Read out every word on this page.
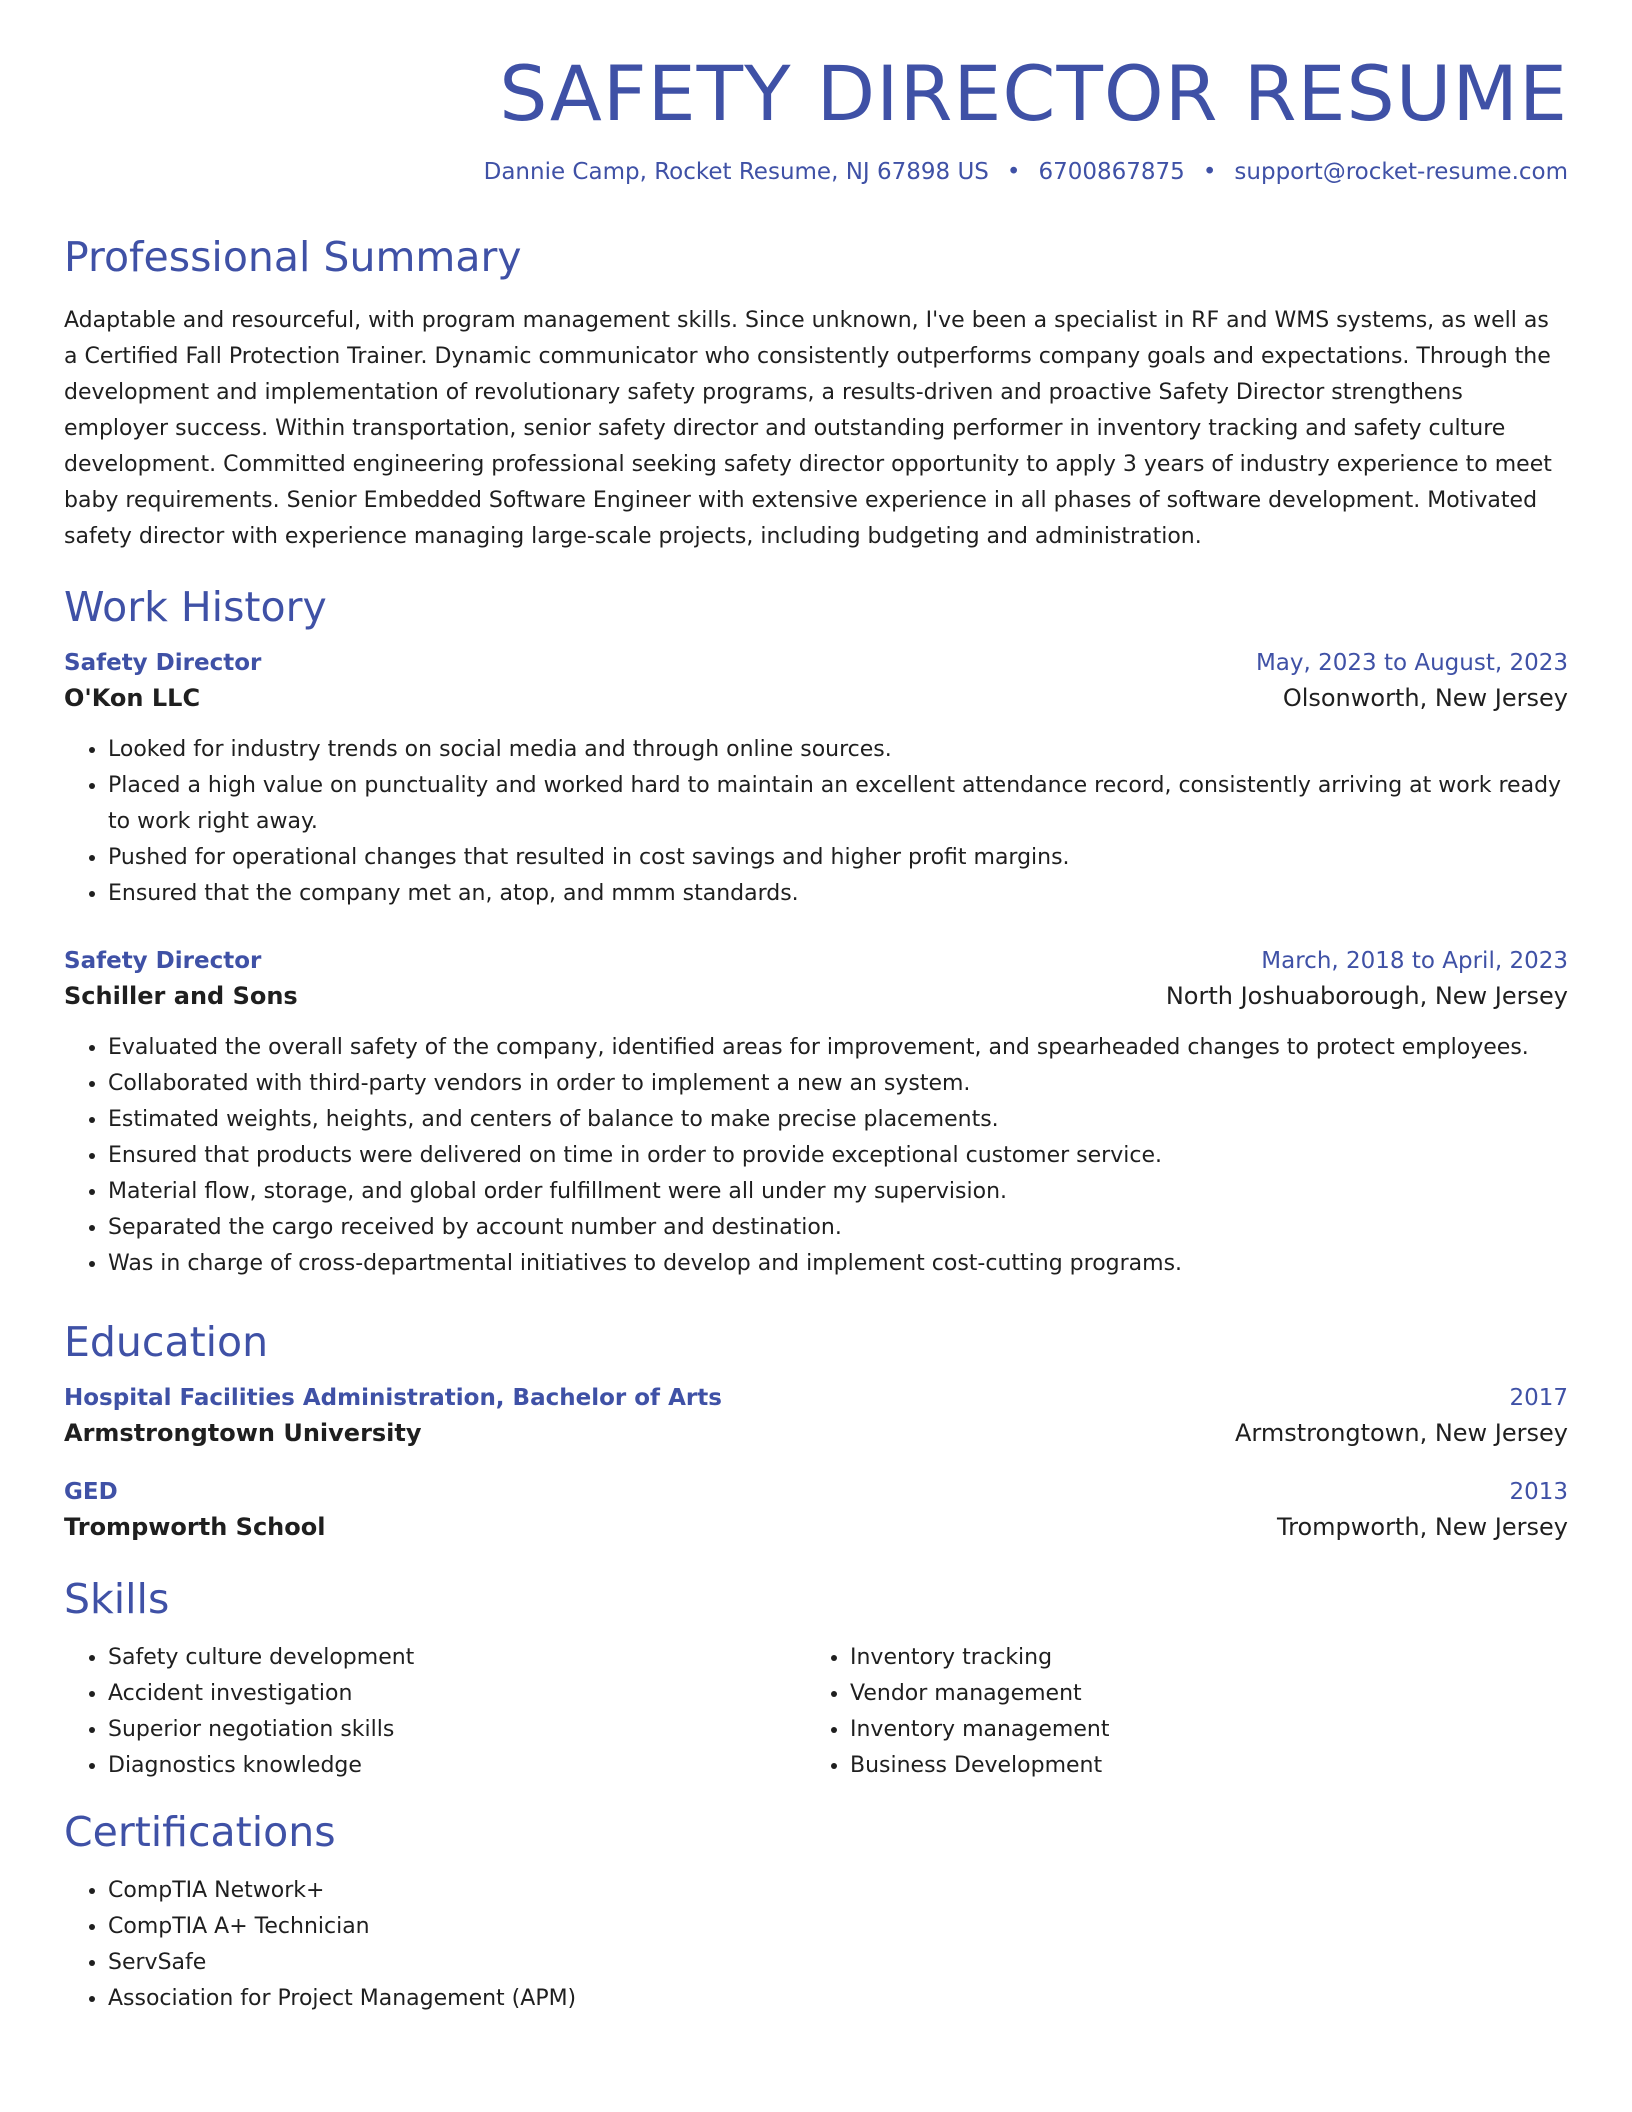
SAFETY DIRECTOR RESUME
Dannie Camp, Rocket Resume, NJ 67898 US • 6700867875 • support@rocket-resume.com
Professional Summary

Adaptable and resourceful, with program management skills. Since unknown, I've been a specialist in RF and WMS systems, as well as a Certified Fall Protection Trainer. Dynamic communicator who consistently outperforms company goals and expectations. Through the development and implementation of revolutionary safety programs, a results-driven and proactive Safety Director strengthens employer success. Within transportation, senior safety director and outstanding performer in inventory tracking and safety culture development. Committed engineering professional seeking safety director opportunity to apply 3 years of industry experience to meet baby requirements. Senior Embedded Software Engineer with extensive experience in all phases of software development. Motivated safety director with experience managing large-scale projects, including budgeting and administration.

Work History
Safety Director	May, 2023 to August, 2023
O'Kon LLC	Olsonworth, New Jersey
• Looked for industry trends on social media and through online sources.
• Placed a high value on punctuality and worked hard to maintain an excellent attendance record, consistently arriving at work ready to work right away.
• Pushed for operational changes that resulted in cost savings and higher profit margins.
• Ensured that the company met an, atop, and mmm standards.
Safety Director	March, 2018 to April, 2023
Schiller and Sons	North Joshuaborough, New Jersey
• Evaluated the overall safety of the company, identified areas for improvement, and spearheaded changes to protect employees.
• Collaborated with third-party vendors in order to implement a new an system.
• Estimated weights, heights, and centers of balance to make precise placements.
• Ensured that products were delivered on time in order to provide exceptional customer service.
• Material flow, storage, and global order fulfillment were all under my supervision.
• Separated the cargo received by account number and destination.
• Was in charge of cross-departmental initiatives to develop and implement cost-cutting programs.
Education
Hospital Facilities Administration, Bachelor of Arts	2017
Armstrongtown University	Armstrongtown, New Jersey
GED	2013
Trompworth School	Trompworth, New Jersey
Skills
• Safety culture development
• Accident investigation
• Superior negotiation skills
• Diagnostics knowledge
• Inventory tracking
• Vendor management
• Inventory management
• Business Development
Certifications
• CompTIA Network+
• CompTIA A+ Technician
• ServSafe
• Association for Project Management (APM)
